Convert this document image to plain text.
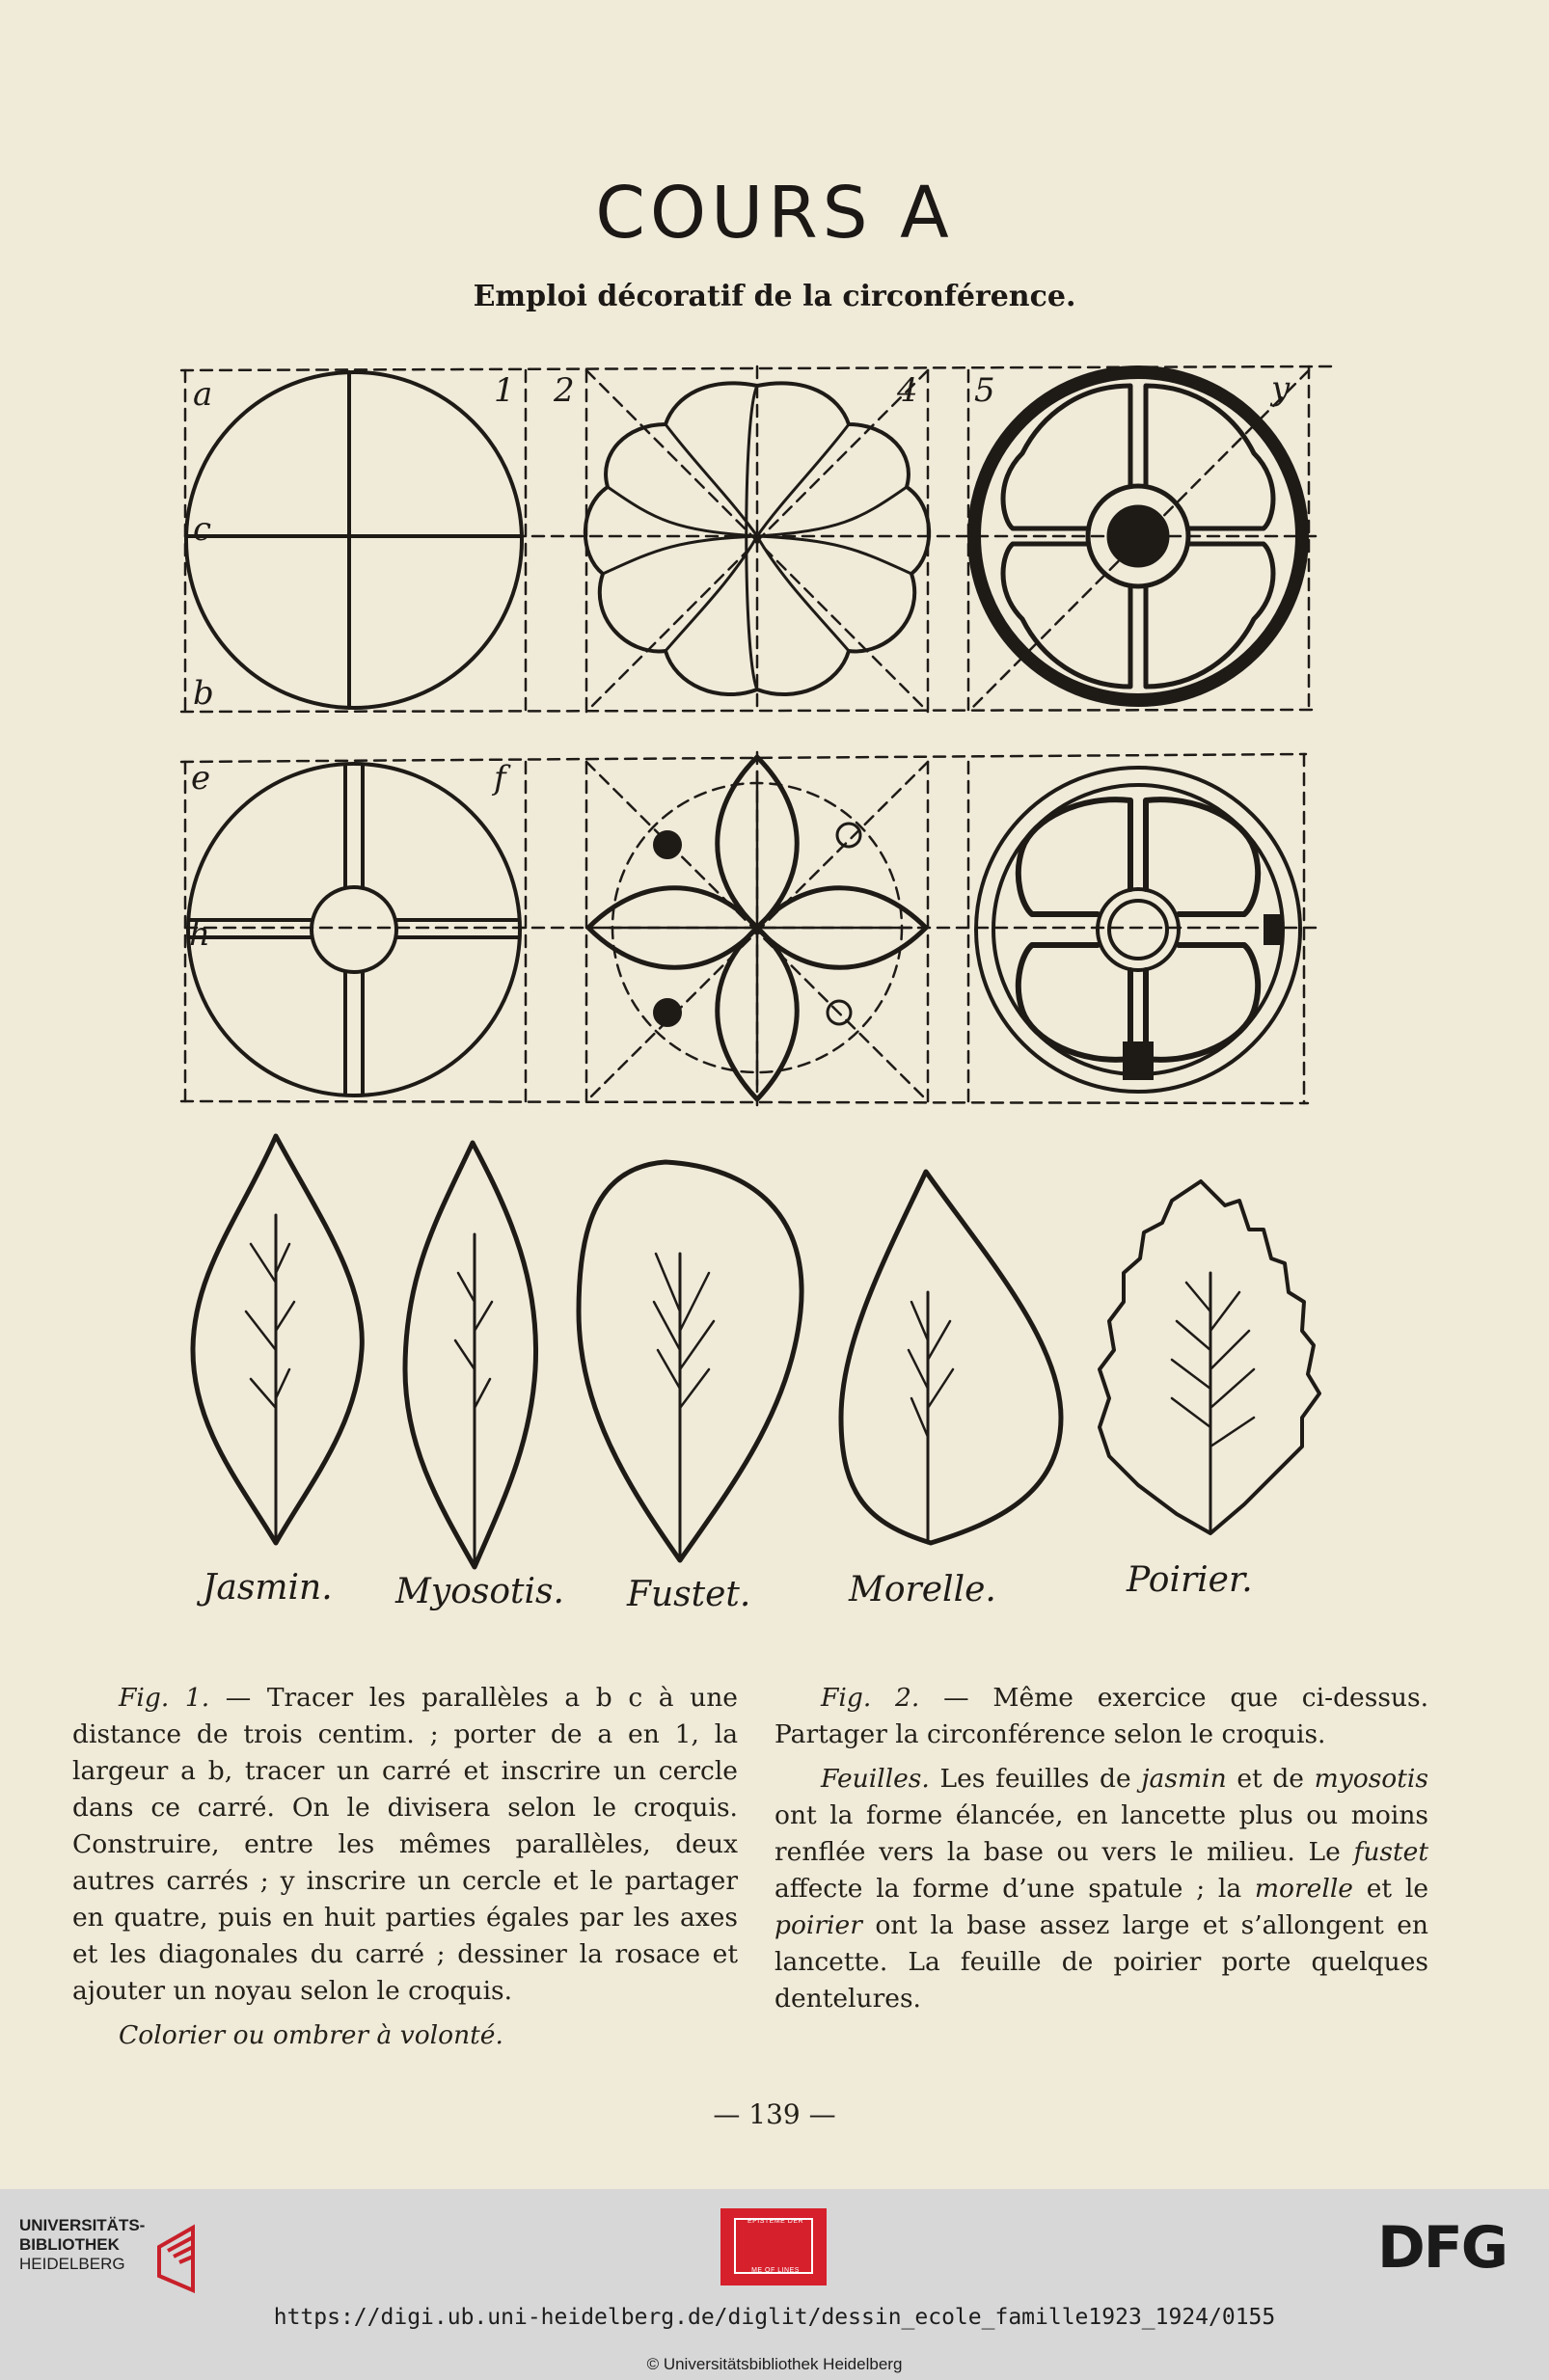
COURS A
Emploi décoratif de la circonférence.
a
c
b
1 2	4 5	y
e	f
h
Jasmin. Myosotis. Fustet.	Morelle.	Poirier.

Fig. 1. — Tracer les parallèles a b c à une distance de trois centim. ; porter de a en 1, la largeur a b, tracer un carré et inscrire un cercle dans ce carré. On le divisera selon le croquis. Construire, entre les mêmes parallèles, deux autres carrés ; y inscrire un cercle et le partager en quatre, puis en huit parties égales par les axes et les diagonales du carré ; dessiner la rosace et ajouter un noyau selon le croquis.

Colorier ou ombrer à volonté.

Fig. 2. — Même exercice que ci-dessus. Partager la circonférence selon le croquis.

Feuilles. Les feuilles de jasmin et de myosotis ont la forme élancée, en lancette plus ou moins renflée vers la base ou vers le milieu. Le fustet affecte la forme d’une spatule ; la morelle et le poirier ont la base assez large et s’allongent en lancette. La feuille de poirier porte quelques dentelures.

— 139 —
UNIVERSITÄTS-
BIBLIOTHEK
HEIDELBERG
EPISTEME DER
ME OF LINES	DFG
https://digi.ub.uni-heidelberg.de/diglit/dessin_ecole_famille1923_1924/0155
© Universitätsbibliothek Heidelberg
